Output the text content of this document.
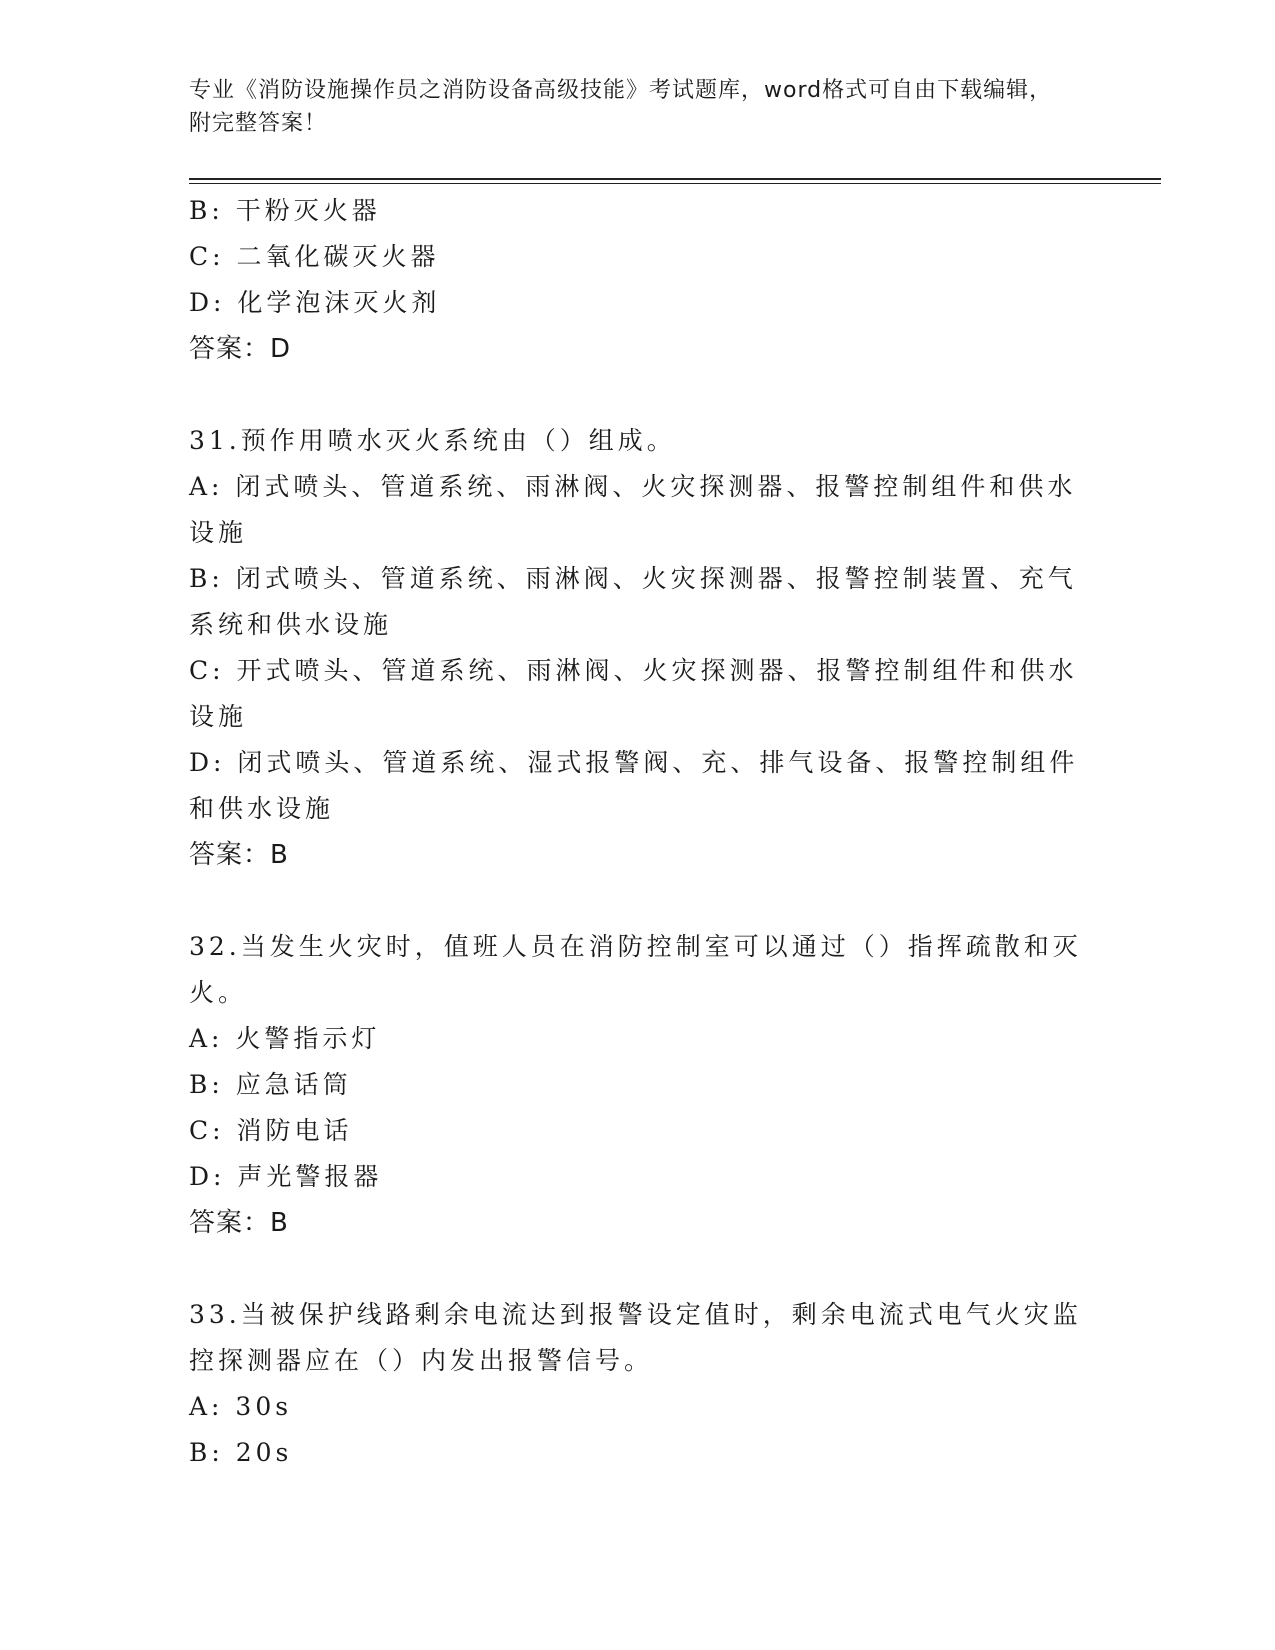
专业《消防设施操作员之消防设备高级技能》考试题库，word格式可自由下载编辑，附完整答案！
B: 干粉灭火器
C: 二氧化碳灭火器
D: 化学泡沫灭火剂
答案：D
31.预作用喷水灭火系统由（）组成。
A: 闭式喷头、管道系统、雨淋阀、火灾探测器、报警控制组件和供水设施
B: 闭式喷头、管道系统、雨淋阀、火灾探测器、报警控制装置、充气系统和供水设施
C: 开式喷头、管道系统、雨淋阀、火灾探测器、报警控制组件和供水设施
D: 闭式喷头、管道系统、湿式报警阀、充、排气设备、报警控制组件和供水设施
答案：B
32.当发生火灾时，值班人员在消防控制室可以通过（）指挥疏散和灭火。
A: 火警指示灯
B: 应急话筒
C: 消防电话
D: 声光警报器
答案：B
33.当被保护线路剩余电流达到报警设定值时，剩余电流式电气火灾监控探测器应在（）内发出报警信号。
A: 30s
B: 20s
